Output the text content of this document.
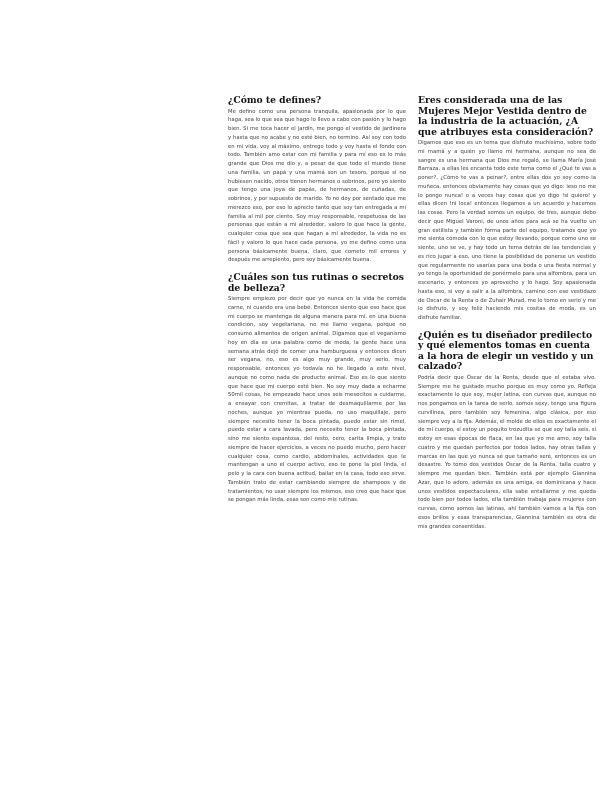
¿Cómo te defines?

Me defino como una persona tranquila, apasionada por lo que haga, sea lo que sea que hago lo llevo a cabo con pasión y lo hago bien. Si me toca hacer el jardín, me pongo el vestido de jardinera y hasta que no acabe y no esté bien, no termino. Así soy con todo en mi vida, voy al máximo, entrego todo y voy hasta el fondo con todo. También amo estar con mi familia y para mí eso es lo más grande que Dios me dio y, a pesar de que todo el mundo tiene una familia, un papá y una mamá son un tesoro, porque si no hubiesen nacido, otros tienen hermanos o sobrinos, pero yo siento que tengo una joya de papás, de hermanos, de cuñadas, de sobrinos, y por supuesto de marido. Yo no doy por sentado que me merezco eso, por eso lo aprecio tanto que soy tan entregada a mi familia al mil por ciento. Soy muy responsable, respetuosa de las personas que están a mi alrededor, valoro lo que hace la gente, cualquier cosa que sea que hagan a mi alrededor, la vida no es fácil y valoro lo que hace cada persona, yo me defino como una persona básicamente buena, claro, que cometo mil errores y después me arrepiento, pero soy básicamente buena.

¿Cuáles son tus rutinas o secretos de belleza?

Siempre empiezo por decir que yo nunca en la vida he comida carne, ni cuando era una bebé. Entonces siento que eso hace que mi cuerpo se mantenga de alguna manera para mí, en una buena condición, soy vegetariana, no me llamo vegana, porque no consumo alimentos de origen animal. Digamos que el veganismo hoy en día es una palabra como de moda, la gente hace una semana atrás dejó de comer una hamburguesa y entonces dicen ser vegana, no, eso es algo muy grande, muy serio, muy responsable, entonces yo todavía no he llegado a este nivel, aunque no como nada de producto animal. Eso es lo que siento que hace que mi cuerpo esté bien. No soy muy dada a echarme 50mil cosas, he empezado hace unos seis mesecitos a cuidarme, a ensayar con cremitas, a tratar de desmaquillarme por las noches, aunque yo mientras pueda, no uso maquillaje, pero siempre necesito tener la boca pintada, puedo estar sin rimel, puedo estar a cara lavada, pero necesito tener la boca pintada, sino me siento espantosa, del resto, cero, carita limpia, y trato siempre de hacer ejercicios, a veces no puedo mucho, pero hacer cualquier cosa, como cardio, abdominales, actividades que le mantengan a uno el cuerpo activo, eso te pone la piel linda, el pelo y la cara con buena actitud, bailar en la casa, todo eso sirve. También trato de estar cambiando siempre de shampoos y de tratamientos, no usar siempre los mismos, eso creo que hace que se pongan más linda, esas son como mis rutinas.

Eres considerada una de las Mujeres Mejor Vestida dentro de la industria de la actuación, ¿A que atribuyes esta consideración?

Digamos que eso es un tema que disfruto muchísimo, sobre todo mi mamá y a quién yo llamo mi hermana, aunque no sea de sangre es una hermana que Dios me regaló, se llama María José Barraza, a ellas les encanta todo este tema como el ¿Qué te vas a poner?, ¿Cómo te vas a peinar?, entre ellas dos yo soy como la muñeca, entonces obviamente hay cosas que yo digo: ieso no me lo pongo nunca! o a veces hay cosas que yo digo !si quiero! y ellas dicen !ni loca! entonces llegamos a un acuerdo y hacemos las cosas. Pero la verdad somos un equipo, de tres, aunque debo decir que Miguel Varoni, de unos años para acá se ha vuelto un gran estilista y también forma parte del equipo, tratamos que yo me sienta cómoda con lo que estoy llevando, porque como uno se siente, uno se ve, y hay todo un tema detrás de las tendencias y es rico jugar a eso, uno tiene la posibilidad de ponerse un vestido que regularmente no usarías para una boda o una fiesta normal y yo tengo la oportunidad de ponérmelo para una alfombra, para un escenario, y entonces yo aprovecho y lo hago. Soy apasionada hasta eso, si voy a salir a la alfombra, camino con ese vestidazo de Oscar de la Renta o de Zuhair Murad, me lo tomo en serio y me lo disfruto, y soy feliz haciendo mis cositas de moda, es un disfrute familiar.

¿Quién es tu diseñador predilecto y qué elementos tomas en cuenta a la hora de elegir un vestido y un calzado?

Podría decir que Óscar de la Renta, desde que el estaba vivo. Siempre me he gustado mucho porque es muy como yo. Refleja exactamente lo que soy, mujer latina, con curvas que, aunque no nos pongamos en la tarea de serlo, somos sexy, tengo una figura curvilínea, pero también soy femenina, algo clásica, por eso siempre voy a la fija. Además, el molde de ellos es exactamente el de mi cuerpo, sí estoy un poquito trozudita sé que soy talla seis, sí estoy en esas épocas de flaca, en las que yo me amo, soy talla cuatro y me quedan perfectos por todos lados, hay otras tallas y marcas en las que yo nunca sé que tamaño seré, entonces es un desastre. Yo tomo dos vestidos Óscar de la Renta, talla cuatro y siempre me quedan bien. También está por ejemplo Giannina Azar, que lo adoro, además es una amiga, es dominicana y hace unos vestidos espectaculares, ella sabe entallarme y me queda todo bien por todos lados, ella también trabaja para mujeres con curvas, como somos las latinas, ahí también vamos a la fija con esos brillos y esas transparencias, Giannina también es otra de mis grandes consentidas.
